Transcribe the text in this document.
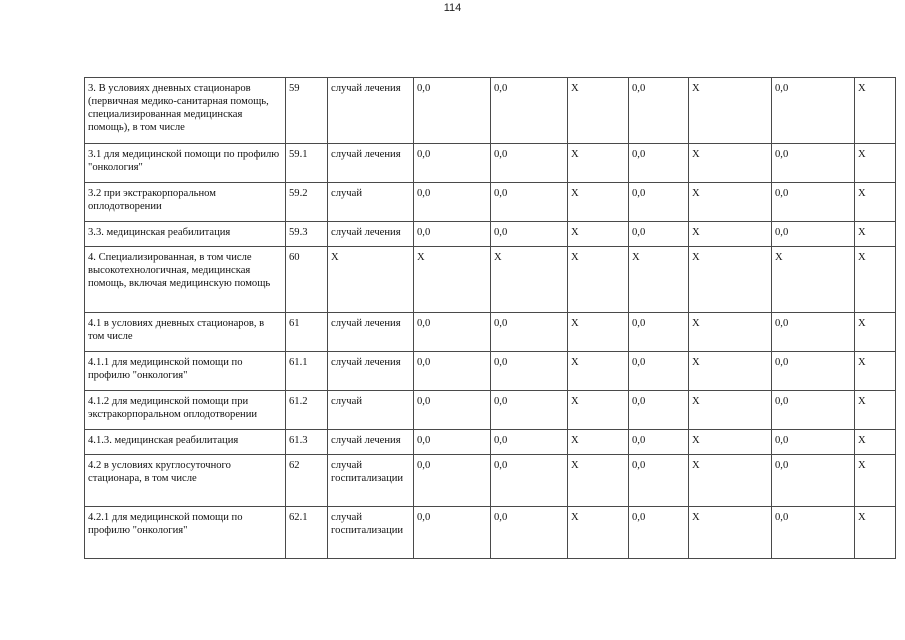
114
3. В условиях дневных стационаров (первичная медико-санитарная помощь, специализированная медицинская помощь), в том числе	59	случай лечения	0,0	0,0	X	0,0	X	0,0	X
3.1 для медицинской помощи по профилю "онкология"	59.1	случай лечения	0,0	0,0	X	0,0	X	0,0	X
3.2 при экстракорпоральном оплодотворении	59.2	случай	0,0	0,0	X	0,0	X	0,0	X
3.3. медицинская реабилитация	59.3	случай лечения	0,0	0,0	X	0,0	X	0,0	X
4. Специализированная, в том числе высокотехнологичная, медицинская помощь, включая медицинскую помощь	60	X	X	X	X	X	X	X	X
4.1 в условиях дневных стационаров, в том числе	61	случай лечения	0,0	0,0	X	0,0	X	0,0	X
4.1.1 для медицинской помощи по профилю "онкология"	61.1	случай лечения	0,0	0,0	X	0,0	X	0,0	X
4.1.2 для медицинской помощи при экстракорпоральном оплодотворении	61.2	случай	0,0	0,0	X	0,0	X	0,0	X
4.1.3. медицинская реабилитация	61.3	случай лечения	0,0	0,0	X	0,0	X	0,0	X
4.2 в условиях круглосуточного стационара, в том числе	62	случай госпитализации	0,0	0,0	X	0,0	X	0,0	X
4.2.1 для медицинской помощи по профилю "онкология"	62.1	случай госпитализации	0,0	0,0	X	0,0	X	0,0	X
